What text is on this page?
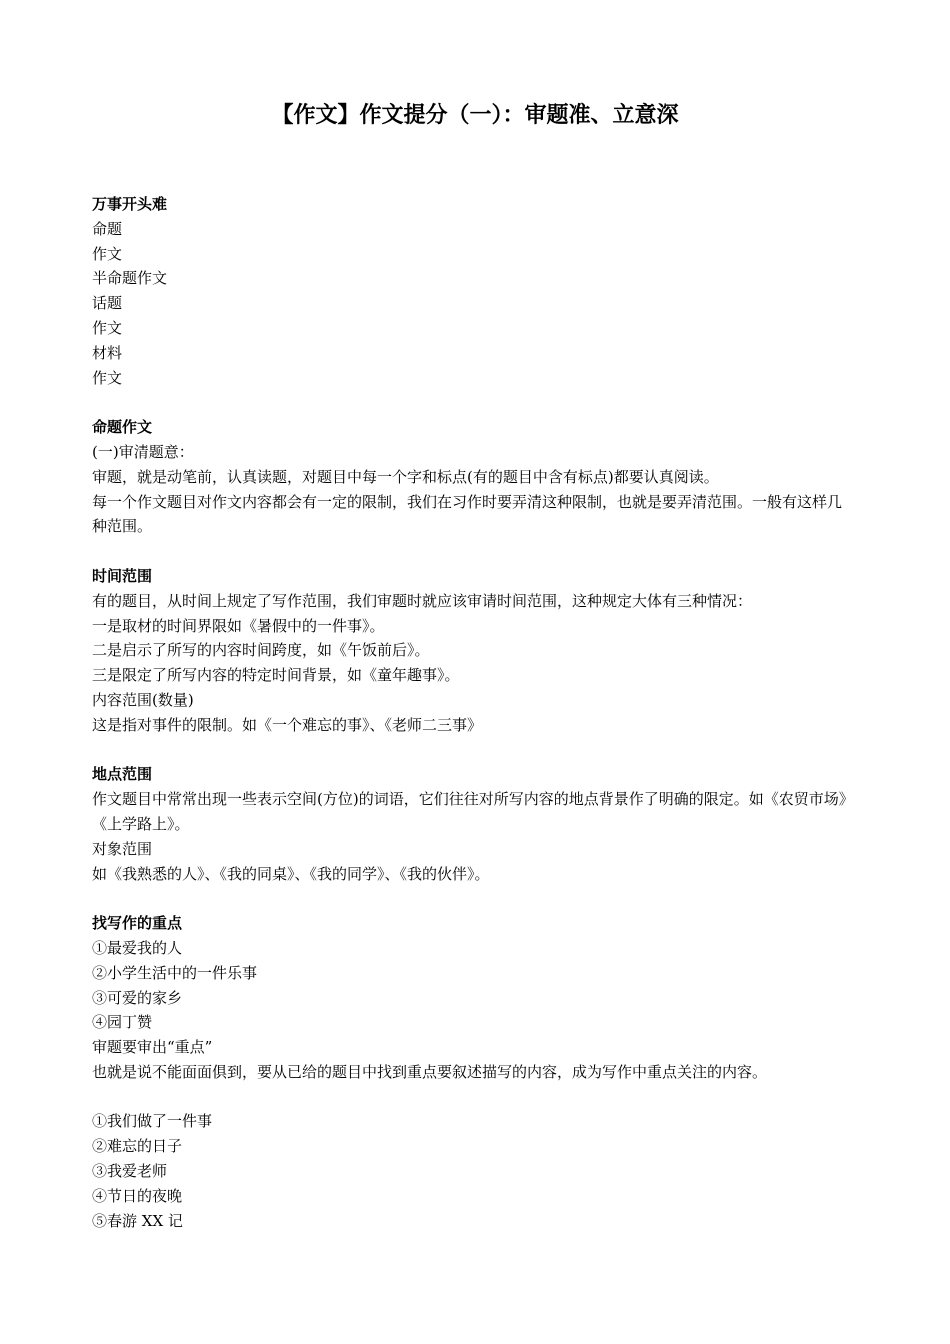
【作文】作文提分（一）：审题准、立意深
万事开头难
命题
作文
半命题作文
话题
作文
材料
作文
命题作文
(一)审清题意：
审题，就是动笔前，认真读题，对题目中每一个字和标点(有的题目中含有标点)都要认真阅读。
每一个作文题目对作文内容都会有一定的限制，我们在习作时要弄清这种限制，也就是要弄清范围。一般有这样几种范围。
时间范围
有的题目，从时间上规定了写作范围，我们审题时就应该审请时间范围，这种规定大体有三种情况：
一是取材的时间界限如《暑假中的一件事》。
二是启示了所写的内容时间跨度，如《午饭前后》。
三是限定了所写内容的特定时间背景，如《童年趣事》。
内容范围(数量)
这是指对事件的限制。如《一个难忘的事》、《老师二三事》
地点范围
作文题目中常常出现一些表示空间(方位)的词语，它们往往对所写内容的地点背景作了明确的限定。如《农贸市场》《上学路上》。
对象范围
如《我熟悉的人》、《我的同桌》、《我的同学》、《我的伙伴》。
找写作的重点
①最爱我的人
②小学生活中的一件乐事
③可爱的家乡
④园丁赞
审题要审出“重点”
也就是说不能面面俱到，要从已给的题目中找到重点要叙述描写的内容，成为写作中重点关注的内容。
①我们做了一件事
②难忘的日子
③我爱老师
④节日的夜晚
⑤春游 XX 记
